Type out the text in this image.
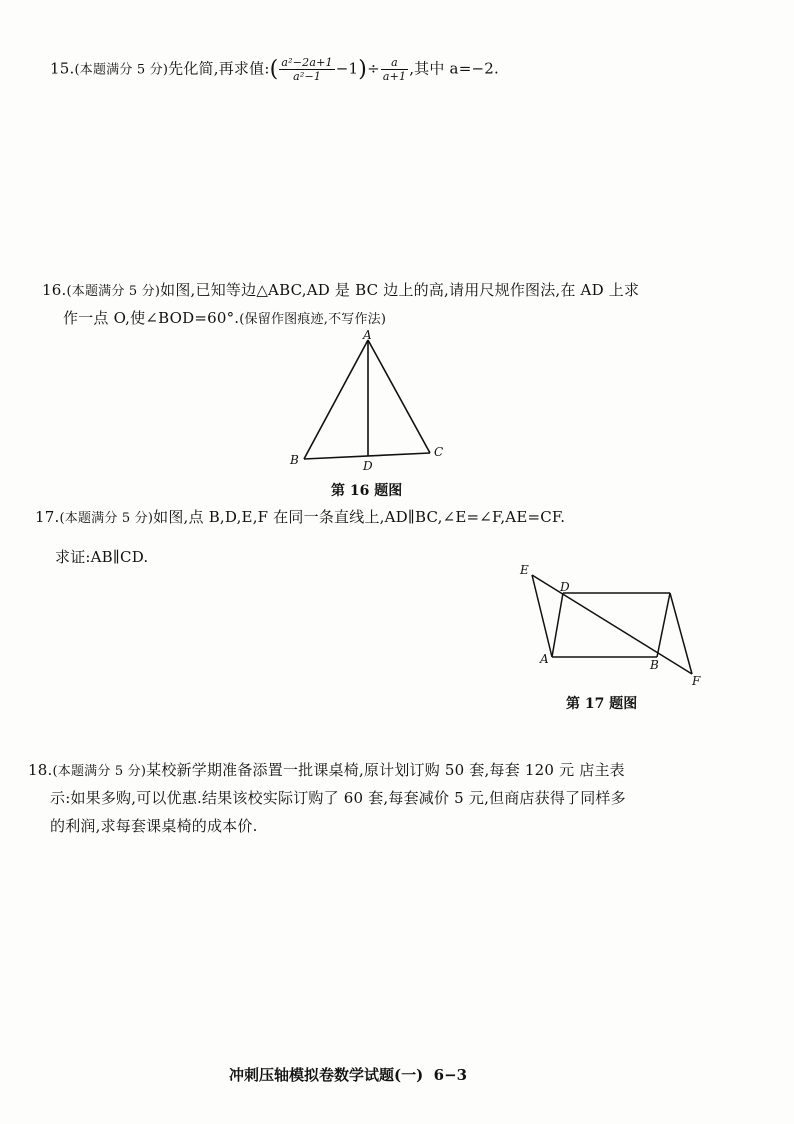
15.(本题满分 5 分)先化简,再求值:( $\frac{\text{a²−2a+1}}{\text{a²−1}} -1)\div \frac{a}{a+1}$ ,其中 a=−2.
16.(本题满分 5 分)如图,已知等边△ABC,AD 是 BC 边上的高,请用尺规作图法,在 AD 上求
作一点 O,使∠BOD=60°.(保留作图痕迹,不写作法)
A
B
C
D
第 16 题图
17.(本题满分 5 分)如图,点 B,D,E,F 在同一条直线上,AD∥BC,∠E=∠F,AE=CF.
求证:AB∥CD.
E
D
A	B
F
第 17 题图
18.(本题满分 5 分)某校新学期准备添置一批课桌椅,原计划订购 50 套,每套 120 元 店主表
示:如果多购,可以优惠.结果该校实际订购了 60 套,每套减价 5 元,但商店获得了同样多
的利润,求每套课桌椅的成本价.
冲刺压轴模拟卷数学试题(一) 6−3
